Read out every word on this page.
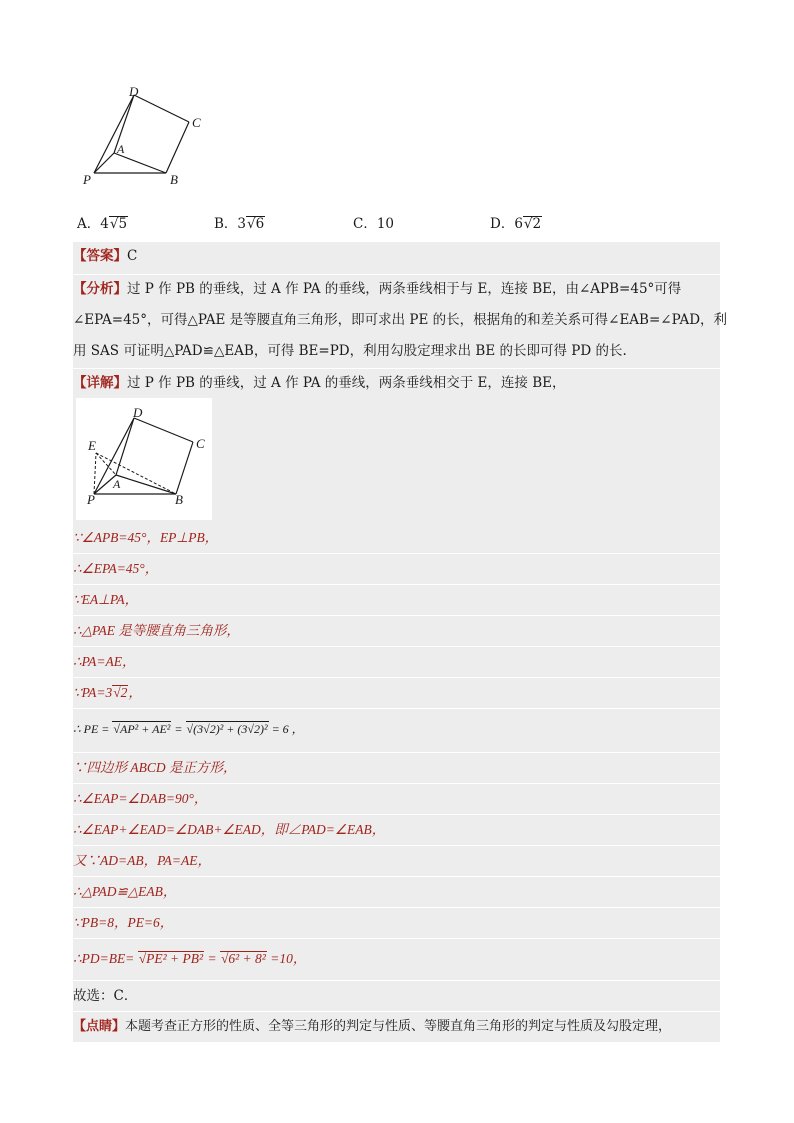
D
C
A
P	B
A．4√5	B．3√6	C．10	D．6√2
【答案】C
【分析】过 P 作 PB 的垂线，过 A 作 PA 的垂线，两条垂线相于与 E，连接 BE，由∠APB=45°可得
∠EPA=45°，可得△PAE 是等腰直角三角形，即可求出 PE 的长，根据角的和差关系可得∠EAB=∠PAD，利
用 SAS 可证明△PAD≌△EAB，可得 BE=PD，利用勾股定理求出 BE 的长即可得 PD 的长.
【详解】过 P 作 PB 的垂线，过 A 作 PA 的垂线，两条垂线相交于 E，连接 BE，
D
C
E
A
P	B
∵∠APB=45°，EP⊥PB，
∴∠EPA=45°，
∵EA⊥PA，
∴△PAE 是等腰直角三角形，
∴PA=AE，
∵PA=3√2，
∴ PE = √AP² + AE² = √(3√2)² + (3√2)² = 6 ，
∵四边形 ABCD 是正方形，
∴∠EAP=∠DAB=90°，
∴∠EAP+∠EAD=∠DAB+∠EAD，即∠PAD=∠EAB，
又∵AD=AB，PA=AE，
∴△PAD≌△EAB，
∵PB=8，PE=6，
∴PD=BE= √PE² + PB² = √6² + 8² =10，
故选：C．
【点睛】本题考查正方形的性质、全等三角形的判定与性质、等腰直角三角形的判定与性质及勾股定理，
